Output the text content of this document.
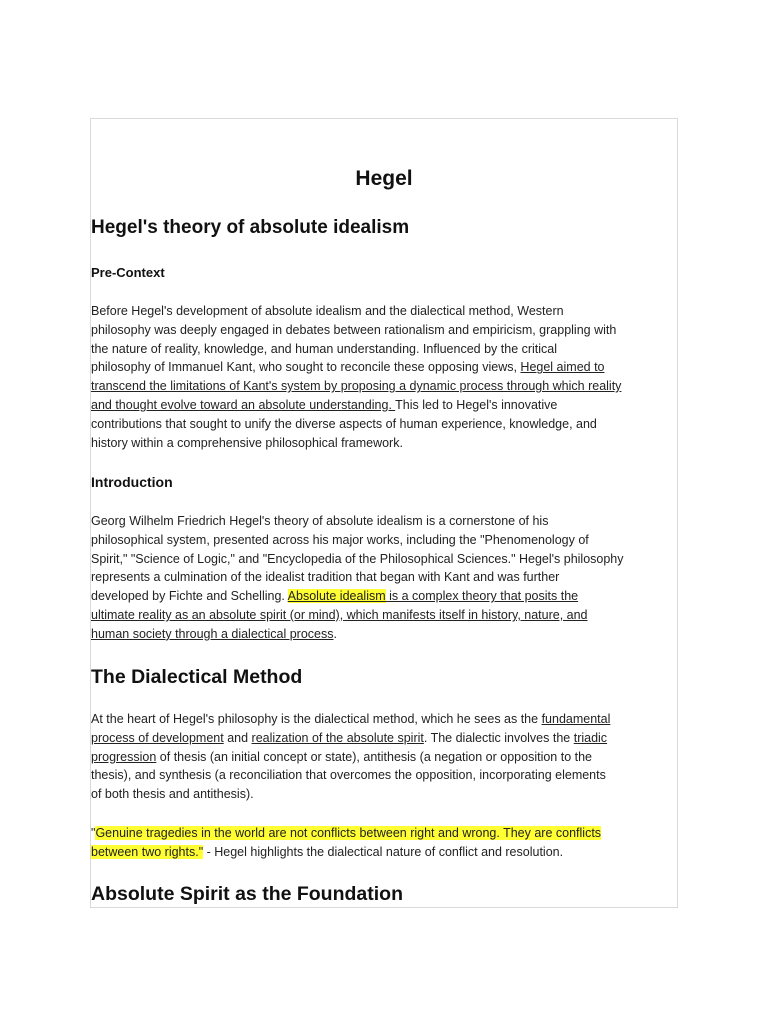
Hegel
Hegel's theory of absolute idealism
Pre-Context

Before Hegel's development of absolute idealism and the dialectical method, Western
philosophy was deeply engaged in debates between rationalism and empiricism, grappling with
the nature of reality, knowledge, and human understanding. Influenced by the critical
philosophy of Immanuel Kant, who sought to reconcile these opposing views, Hegel aimed to
transcend the limitations of Kant's system by proposing a dynamic process through which reality
and thought evolve toward an absolute understanding. This led to Hegel's innovative
contributions that sought to unify the diverse aspects of human experience, knowledge, and
history within a comprehensive philosophical framework.

Introduction

Georg Wilhelm Friedrich Hegel's theory of absolute idealism is a cornerstone of his
philosophical system, presented across his major works, including the "Phenomenology of
Spirit," "Science of Logic," and "Encyclopedia of the Philosophical Sciences." Hegel's philosophy
represents a culmination of the idealist tradition that began with Kant and was further
developed by Fichte and Schelling. Absolute idealism is a complex theory that posits the
ultimate reality as an absolute spirit (or mind), which manifests itself in history, nature, and
human society through a dialectical process.

The Dialectical Method

At the heart of Hegel's philosophy is the dialectical method, which he sees as the fundamental
process of development and realization of the absolute spirit. The dialectic involves the triadic
progression of thesis (an initial concept or state), antithesis (a negation or opposition to the
thesis), and synthesis (a reconciliation that overcomes the opposition, incorporating elements
of both thesis and antithesis).

"Genuine tragedies in the world are not conflicts between right and wrong. They are conflicts
between two rights." - Hegel highlights the dialectical nature of conflict and resolution.

Absolute Spirit as the Foundation
